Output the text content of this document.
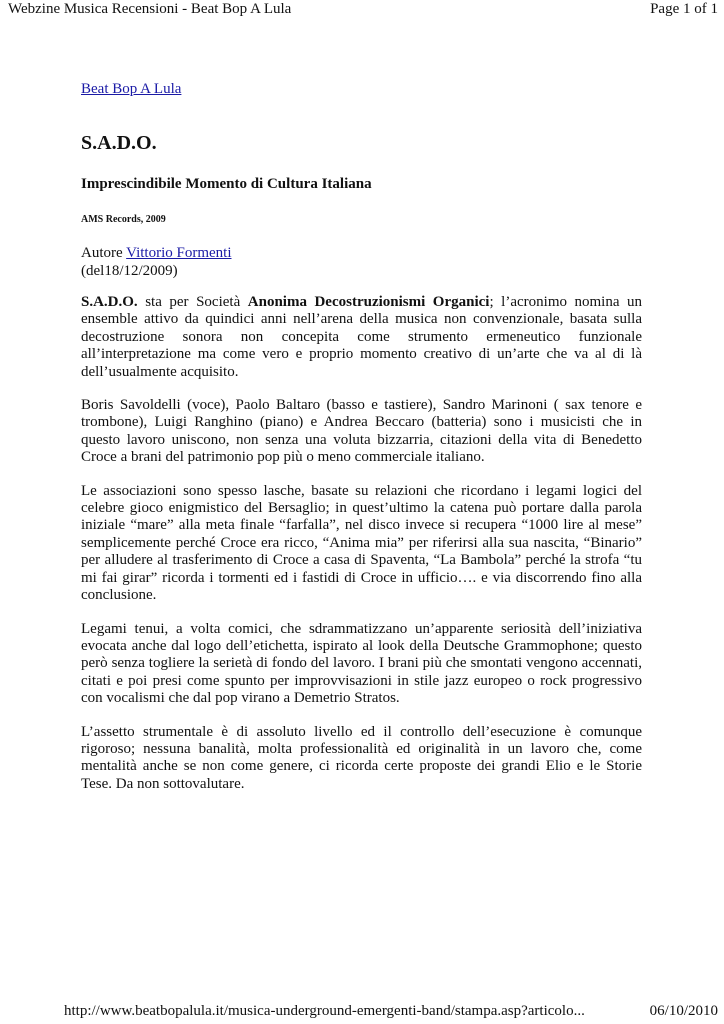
Webzine Musica Recensioni - Beat Bop A Lula	Page 1 of 1
Beat Bop A Lula
S.A.D.O.
Imprescindibile Momento di Cultura Italiana
AMS Records, 2009
Autore Vittorio Formenti
(del18/12/2009)

S.A.D.O. sta per Società Anonima Decostruzionismi Organici; l’acronimo nomina un ensemble attivo da quindici anni nell’arena della musica non convenzionale, basata sulla decostruzione sonora non concepita come strumento ermeneutico funzionale all’interpretazione ma come vero e proprio momento creativo di un’arte che va al di là dell’usualmente acquisito.

Boris Savoldelli (voce), Paolo Baltaro (basso e tastiere), Sandro Marinoni ( sax tenore e trombone), Luigi Ranghino (piano) e Andrea Beccaro (batteria) sono i musicisti che in questo lavoro uniscono, non senza una voluta bizzarria, citazioni della vita di Benedetto Croce a brani del patrimonio pop più o meno commerciale italiano.

Le associazioni sono spesso lasche, basate su relazioni che ricordano i legami logici del celebre gioco enigmistico del Bersaglio; in quest’ultimo la catena può portare dalla parola iniziale “mare” alla meta finale “farfalla”, nel disco invece si recupera “1000 lire al mese” semplicemente perché Croce era ricco, “Anima mia” per riferirsi alla sua nascita, “Binario” per alludere al trasferimento di Croce a casa di Spaventa, “La Bambola” perché la strofa “tu mi fai girar” ricorda i tormenti ed i fastidi di Croce in ufficio…. e via discorrendo fino alla conclusione.

Legami tenui, a volta comici, che sdrammatizzano un’apparente seriosità dell’iniziativa evocata anche dal logo dell’etichetta, ispirato al look della Deutsche Grammophone; questo però senza togliere la serietà di fondo del lavoro. I brani più che smontati vengono accennati, citati e poi presi come spunto per improvvisazioni in stile jazz europeo o rock progressivo con vocalismi che dal pop virano a Demetrio Stratos.

L’assetto strumentale è di assoluto livello ed il controllo dell’esecuzione è comunque rigoroso; nessuna banalità, molta professionalità ed originalità in un lavoro che, come mentalità anche se non come genere, ci ricorda certe proposte dei grandi Elio e le Storie Tese. Da non sottovalutare.

http://www.beatbopalula.it/musica-underground-emergenti-band/stampa.asp?articolo...	06/10/2010
